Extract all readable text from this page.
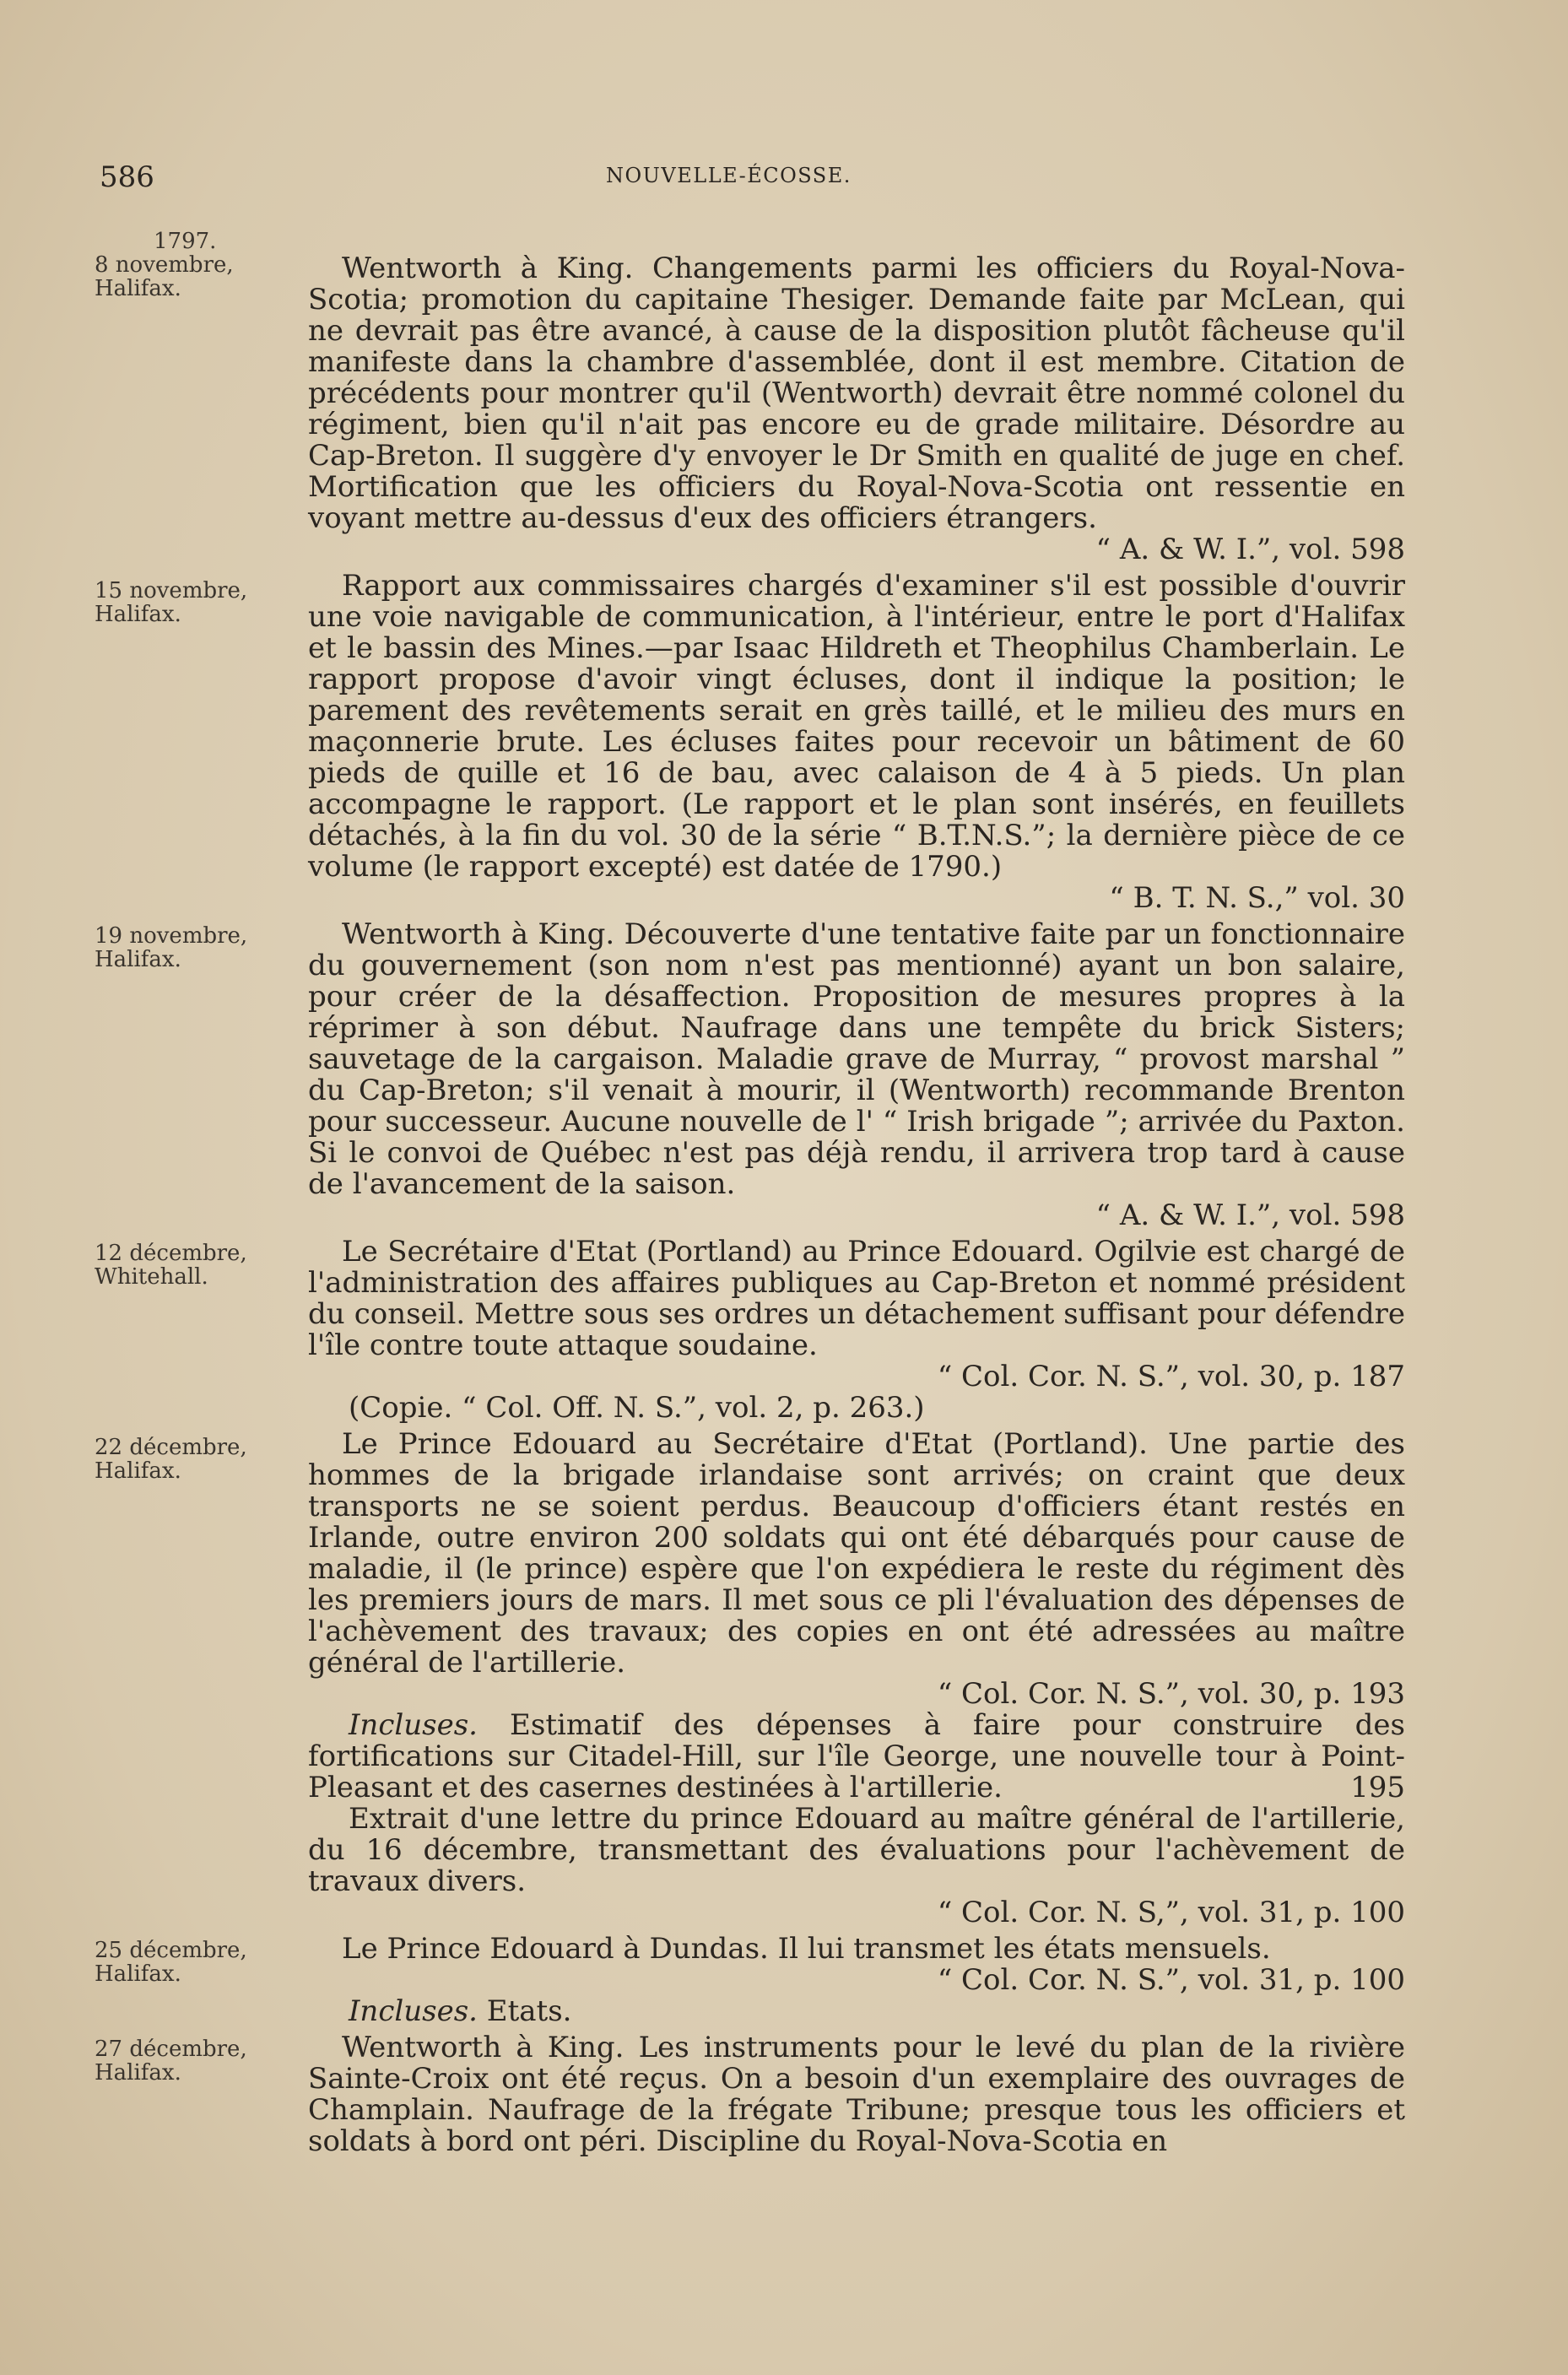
586	NOUVELLE-ÉCOSSE.
1797.
8 novembre,
Halifax.
Wentworth à King. Changements parmi les officiers du Royal-Nova-Scotia; promotion du capitaine Thesiger. Demande faite par McLean, qui ne devrait pas être avancé, à cause de la disposition plutôt fâcheuse qu'il manifeste dans la chambre d'assemblée, dont il est membre. Citation de précédents pour montrer qu'il (Wentworth) devrait être nommé colonel du régiment, bien qu'il n'ait pas encore eu de grade militaire. Désordre au Cap-Breton. Il suggère d'y envoyer le Dr Smith en qualité de juge en chef. Mortification que les officiers du Royal-Nova-Scotia ont ressentie en voyant mettre au-dessus d'eux des officiers étrangers.
“ A. & W. I.”, vol. 598
15 novembre,
Halifax.
Rapport aux commissaires chargés d'examiner s'il est possible d'ouvrir une voie navigable de communication, à l'intérieur, entre le port d'Halifax et le bassin des Mines.—par Isaac Hildreth et Theophilus Chamberlain. Le rapport propose d'avoir vingt écluses, dont il indique la position; le parement des revêtements serait en grès taillé, et le milieu des murs en maçonnerie brute. Les écluses faites pour recevoir un bâtiment de 60 pieds de quille et 16 de bau, avec calaison de 4 à 5 pieds. Un plan accompagne le rapport. (Le rapport et le plan sont insérés, en feuillets détachés, à la fin du vol. 30 de la série “ B.T.N.S.”; la dernière pièce de ce volume (le rapport excepté) est datée de 1790.)
“ B. T. N. S.,” vol. 30
19 novembre,
Halifax.
Wentworth à King. Découverte d'une tentative faite par un fonctionnaire du gouvernement (son nom n'est pas mentionné) ayant un bon salaire, pour créer de la désaffection. Proposition de mesures propres à la réprimer à son début. Naufrage dans une tempête du brick Sisters; sauvetage de la cargaison. Maladie grave de Murray, “ provost marshal ” du Cap-Breton; s'il venait à mourir, il (Wentworth) recommande Brenton pour successeur. Aucune nouvelle de l' “ Irish brigade ”; arrivée du Paxton. Si le convoi de Québec n'est pas déjà rendu, il arrivera trop tard à cause de l'avancement de la saison.
“ A. & W. I.”, vol. 598
12 décembre,
Whitehall.
Le Secrétaire d'Etat (Portland) au Prince Edouard. Ogilvie est chargé de l'administration des affaires publiques au Cap-Breton et nommé président du conseil. Mettre sous ses ordres un détachement suffisant pour défendre l'île contre toute attaque soudaine.
“ Col. Cor. N. S.”, vol. 30, p. 187
(Copie. “ Col. Off. N. S.”, vol. 2, p. 263.)
22 décembre,
Halifax.
Le Prince Edouard au Secrétaire d'Etat (Portland). Une partie des hommes de la brigade irlandaise sont arrivés; on craint que deux transports ne se soient perdus. Beaucoup d'officiers étant restés en Irlande, outre environ 200 soldats qui ont été débarqués pour cause de maladie, il (le prince) espère que l'on expédiera le reste du régiment dès les premiers jours de mars. Il met sous ce pli l'évaluation des dépenses de l'achèvement des travaux; des copies en ont été adressées au maître général de l'artillerie.
“ Col. Cor. N. S.”, vol. 30, p. 193
Incluses. Estimatif des dépenses à faire pour construire des fortifications sur Citadel-Hill, sur l'île George, une nouvelle tour à Point-Pleasant et des casernes destinées à l'artillerie.	195
Extrait d'une lettre du prince Edouard au maître général de l'artillerie, du 16 décembre, transmettant des évaluations pour l'achèvement de travaux divers.
“ Col. Cor. N. S,”, vol. 31, p. 100
25 décembre,
Halifax.
Le Prince Edouard à Dundas. Il lui transmet les états mensuels.
“ Col. Cor. N. S.”, vol. 31, p. 100
Incluses. Etats.
27 décembre,
Halifax.
Wentworth à King. Les instruments pour le levé du plan de la rivière Sainte-Croix ont été reçus. On a besoin d'un exemplaire des ouvrages de Champlain. Naufrage de la frégate Tribune; presque tous les officiers et soldats à bord ont péri. Discipline du Royal-Nova-Scotia en
